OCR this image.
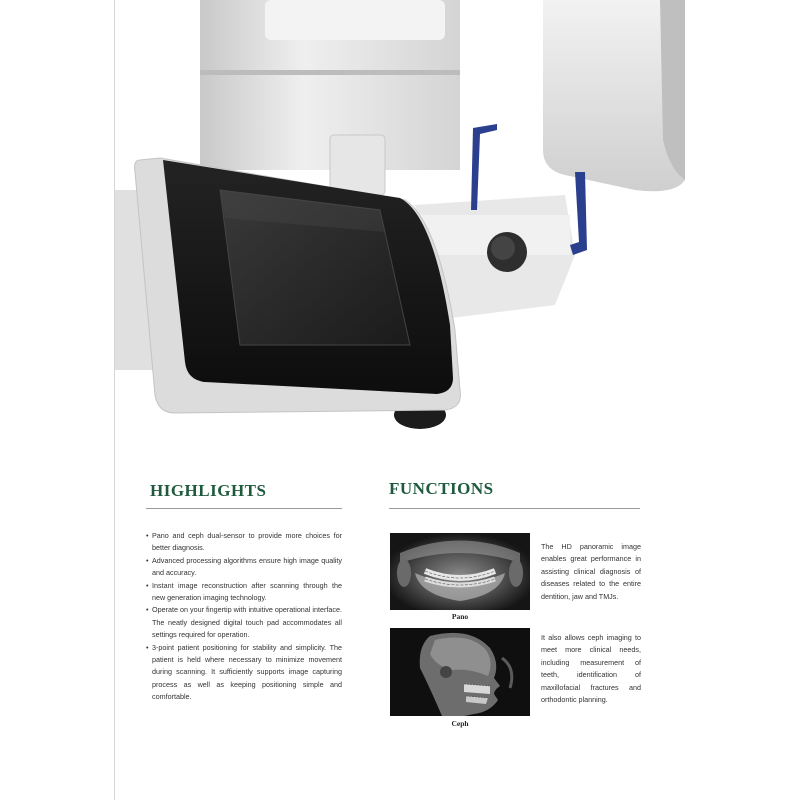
HIGHLIGHTS
• Pano and ceph dual-sensor to provide more choices for better diagnosis.
• Advanced processing algorithms ensure high image quality and accuracy.
• Instant image reconstruction after scanning through the new generation imaging technology.
• Operate on your fingertip with intuitive operational interface. The neatly designed digital touch pad accommodates all settings required for operation.
• 3-point patient positioning for stability and simplicity. The patient is held where necessary to minimize movement during scanning. It sufficiently supports image capturing process as well as keeping positioning simple and comfortable.
FUNCTIONS
Pano

The HD panoramic image enables great performance in assisting clinical diagnosis of diseases related to the entire dentition, jaw and TMJs.

Ceph

It also allows ceph imaging to meet more clinical needs, including measurement of teeth, identification of maxillofacial fractures and orthodontic planning.
